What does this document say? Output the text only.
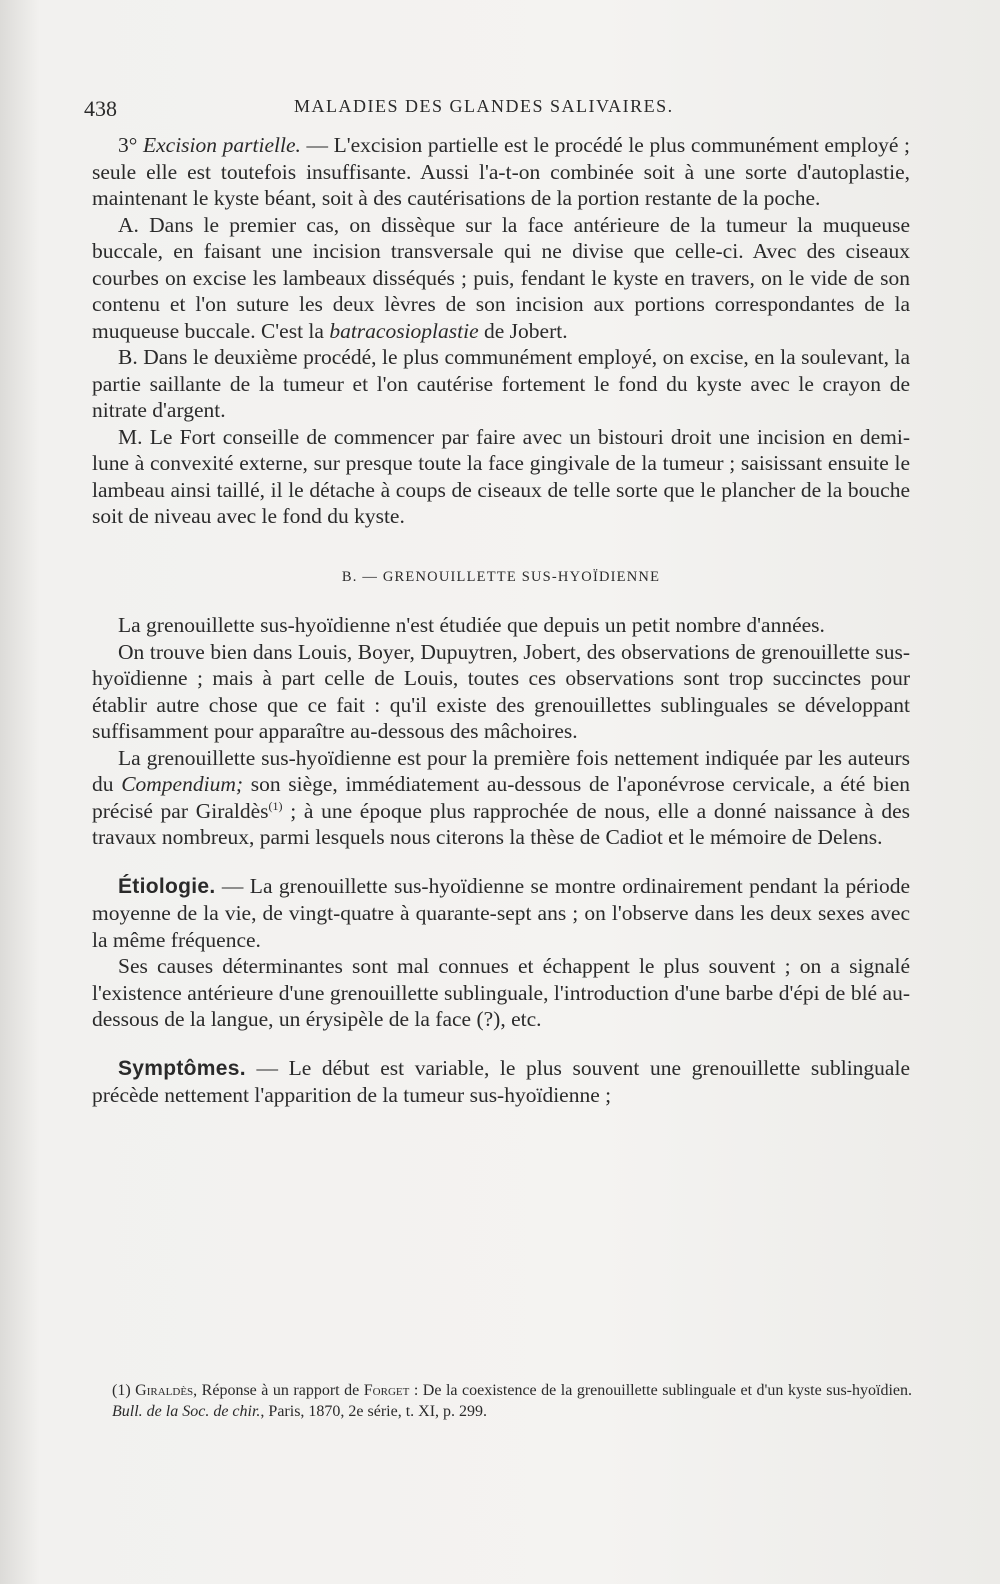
438	MALADIES DES GLANDES SALIVAIRES.

3° Excision partielle. — L'excision partielle est le procédé le plus communément employé ; seule elle est toutefois insuffisante. Aussi l'a-t-on combinée soit à une sorte d'autoplastie, maintenant le kyste béant, soit à des cautérisations de la portion restante de la poche.

A. Dans le premier cas, on dissèque sur la face antérieure de la tumeur la muqueuse buccale, en faisant une incision transversale qui ne divise que celle-ci. Avec des ciseaux courbes on excise les lambeaux disséqués ; puis, fendant le kyste en travers, on le vide de son contenu et l'on suture les deux lèvres de son incision aux portions correspondantes de la muqueuse buccale. C'est la batracosioplastie de Jobert.

B. Dans le deuxième procédé, le plus communément employé, on excise, en la soulevant, la partie saillante de la tumeur et l'on cautérise fortement le fond du kyste avec le crayon de nitrate d'argent.

M. Le Fort conseille de commencer par faire avec un bistouri droit une incision en demi-lune à convexité externe, sur presque toute la face gingivale de la tumeur ; saisissant ensuite le lambeau ainsi taillé, il le détache à coups de ciseaux de telle sorte que le plancher de la bouche soit de niveau avec le fond du kyste.

B. — GRENOUILLETTE SUS-HYOÏDIENNE

La grenouillette sus-hyoïdienne n'est étudiée que depuis un petit nombre d'années.

On trouve bien dans Louis, Boyer, Dupuytren, Jobert, des observations de grenouillette sus-hyoïdienne ; mais à part celle de Louis, toutes ces observations sont trop succinctes pour établir autre chose que ce fait : qu'il existe des grenouillettes sublinguales se développant suffisamment pour apparaître au-dessous des mâchoires.

La grenouillette sus-hyoïdienne est pour la première fois nettement indiquée par les auteurs du Compendium; son siège, immédiatement au-dessous de l'aponévrose cervicale, a été bien précisé par Giraldès$^{(1)}$ ; à une époque plus rapprochée de nous, elle a donné naissance à des travaux nombreux, parmi lesquels nous citerons la thèse de Cadiot et le mémoire de Delens.

Étiologie. — La grenouillette sus-hyoïdienne se montre ordinairement pendant la période moyenne de la vie, de vingt-quatre à quarante-sept ans ; on l'observe dans les deux sexes avec la même fréquence.

Ses causes déterminantes sont mal connues et échappent le plus souvent ; on a signalé l'existence antérieure d'une grenouillette sublinguale, l'introduction d'une barbe d'épi de blé au-dessous de la langue, un érysipèle de la face (?), etc.

Symptômes. — Le début est variable, le plus souvent une grenouillette sublinguale précède nettement l'apparition de la tumeur sus-hyoïdienne ;

(1) Giraldès, Réponse à un rapport de Forget : De la coexistence de la grenouillette sublinguale et d'un kyste sus-hyoïdien. Bull. de la Soc. de chir., Paris, 1870, 2e série, t. XI, p. 299.
